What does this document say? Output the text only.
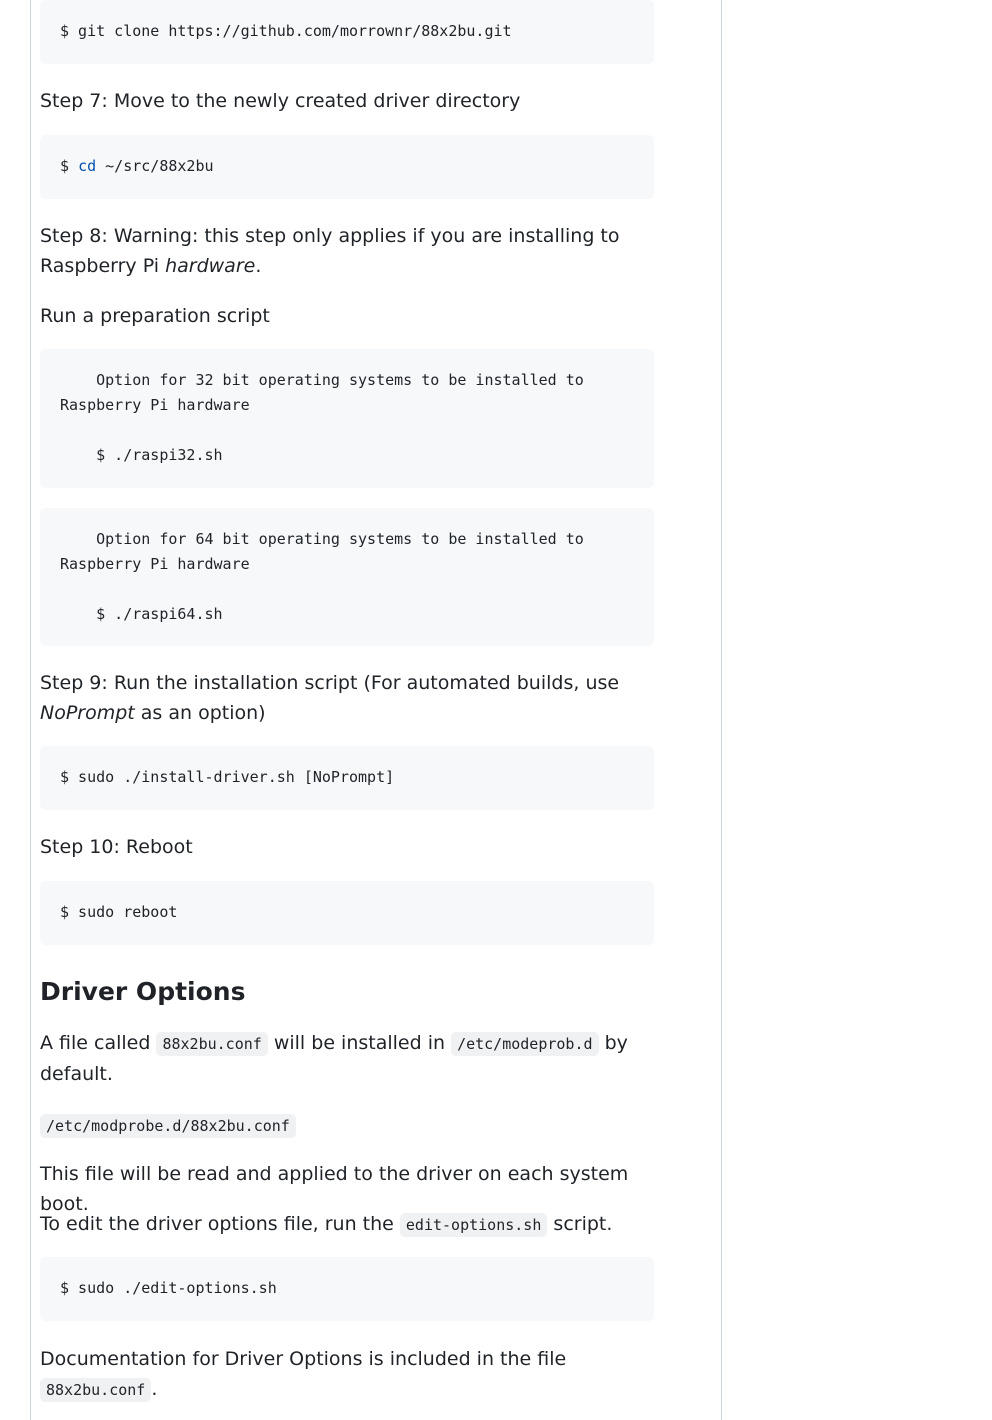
$ git clone https://github.com/morrownr/88x2bu.git

Step 7: Move to the newly created driver directory

$ cd ~/src/88x2bu

Step 8: Warning: this step only applies if you are installing to Raspberry Pi hardware.

Run a preparation script

Option for 32 bit operating systems to be installed to
Raspberry Pi hardware

$ ./raspi32.sh
Option for 64 bit operating systems to be installed to
Raspberry Pi hardware

$ ./raspi64.sh

Step 9: Run the installation script (For automated builds, use NoPrompt as an option)

$ sudo ./install-driver.sh [NoPrompt]

Step 10: Reboot

$ sudo reboot
Driver Options

A file called 88x2bu.conf will be installed in /etc/modeprob.d by default.

/etc/modprobe.d/88x2bu.conf

This file will be read and applied to the driver on each system boot.

To edit the driver options file, run the edit-options.sh script.

$ sudo ./edit-options.sh

Documentation for Driver Options is included in the file 88x2bu.conf .
